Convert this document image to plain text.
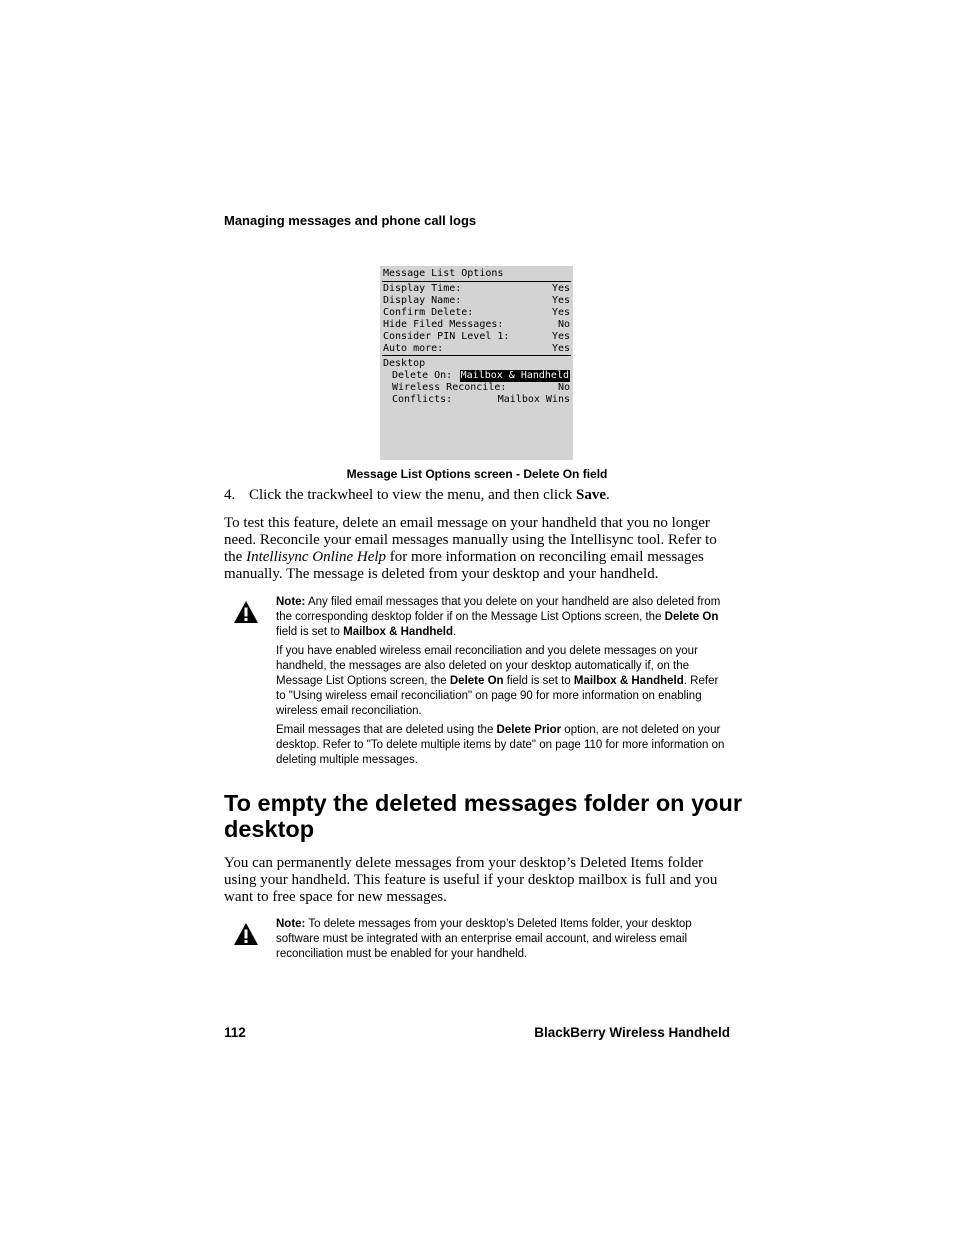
Managing messages and phone call logs
Message List Options
Display Time:	Yes
Display Name:	Yes
Confirm Delete:	Yes
Hide Filed Messages:	No
Consider PIN Level 1:	Yes
Auto more:	Yes
Desktop
Delete On: Mailbox & Handheld
Wireless Reconcile:	No
Conflicts:	Mailbox Wins
Message List Options screen - Delete On field
4. Click the trackwheel to view the menu, and then click Save.
To test this feature, delete an email message on your handheld that you no longer need. Reconcile your email messages manually using the Intellisync tool. Refer to the Intellisync Online Help for more information on reconciling email messages manually. The message is deleted from your desktop and your handheld.

Note: Any filed email messages that you delete on your handheld are also deleted from the corresponding desktop folder if on the Message List Options screen, the Delete On field is set to Mailbox & Handheld.

If you have enabled wireless email reconciliation and you delete messages on your handheld, the messages are also deleted on your desktop automatically if, on the Message List Options screen, the Delete On field is set to Mailbox & Handheld. Refer to "Using wireless email reconciliation" on page 90 for more information on enabling wireless email reconciliation.

Email messages that are deleted using the Delete Prior option, are not deleted on your desktop. Refer to "To delete multiple items by date" on page 110 for more information on deleting multiple messages.

To empty the deleted messages folder on your desktop
You can permanently delete messages from your desktop’s Deleted Items folder using your handheld. This feature is useful if your desktop mailbox is full and you want to free space for new messages.

Note: To delete messages from your desktop’s Deleted Items folder, your desktop software must be integrated with an enterprise email account, and wireless email reconciliation must be enabled for your handheld.

112	BlackBerry Wireless Handheld
